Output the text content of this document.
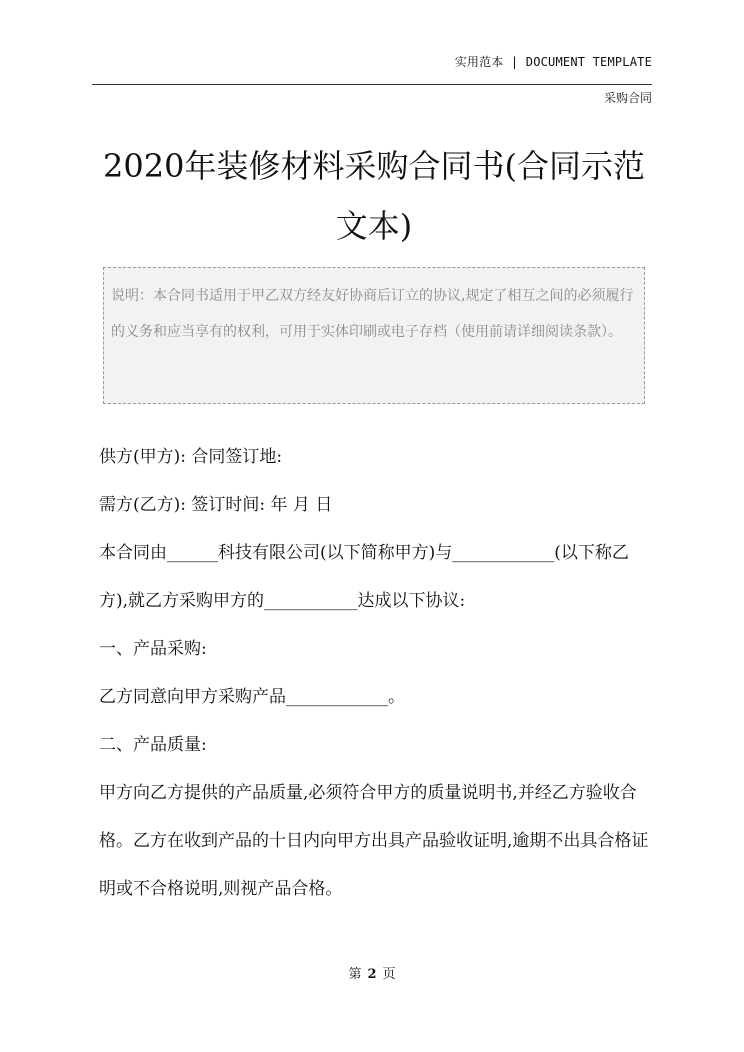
实用范本 | DOCUMENT TEMPLATE
采购合同
2020年装修材料采购合同书(合同示范文本)
说明：本合同书适用于甲乙双方经友好协商后订立的协议,规定了相互之间的必须履行的义务和应当享有的权利，可用于实体印刷或电子存档（使用前请详细阅读条款）。

供方(甲方): 合同签订地:

需方(乙方): 签订时间: 年 月 日

本合同由______科技有限公司(以下简称甲方)与____________(以下称乙方),就乙方采购甲方的___________达成以下协议:

一、产品采购:

乙方同意向甲方采购产品____________。

二、产品质量:

甲方向乙方提供的产品质量,必须符合甲方的质量说明书,并经乙方验收合格。乙方在收到产品的十日内向甲方出具产品验收证明,逾期不出具合格证明或不合格说明,则视产品合格。

第 2 页
